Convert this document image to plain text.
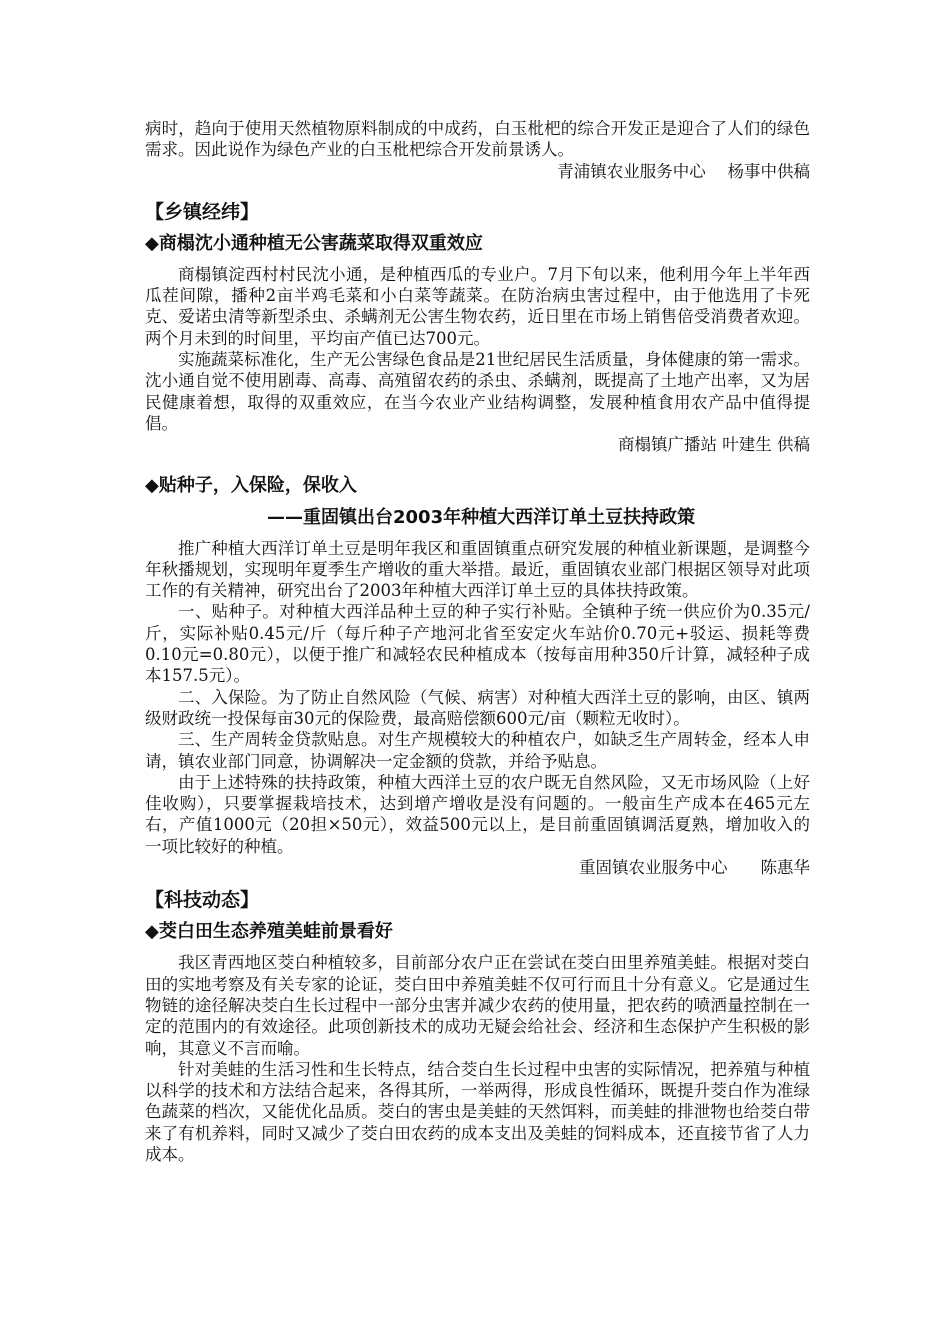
病时，趋向于使用天然植物原料制成的中成药，白玉枇杷的综合开发正是迎合了人们的绿色需求。因此说作为绿色产业的白玉枇杷综合开发前景诱人。

青浦镇农业服务中心　 杨事中供稿

【乡镇经纬】
◆商榻沈小通种植无公害蔬菜取得双重效应

商榻镇淀西村村民沈小通，是种植西瓜的专业户。7月下旬以来，他利用今年上半年西瓜茬间隙，播种2亩半鸡毛菜和小白菜等蔬菜。在防治病虫害过程中，由于他选用了卡死克、爱诺虫清等新型杀虫、杀螨剂无公害生物农药，近日里在市场上销售倍受消费者欢迎。两个月未到的时间里，平均亩产值已达700元。

实施蔬菜标准化，生产无公害绿色食品是21世纪居民生活质量，身体健康的第一需求。沈小通自觉不使用剧毒、高毒、高殖留农药的杀虫、杀螨剂，既提高了土地产出率，又为居民健康着想，取得的双重效应，在当今农业产业结构调整，发展种植食用农产品中值得提倡。

商榻镇广播站 叶建生 供稿

◆贴种子，入保险，保收入
——重固镇出台2003年种植大西洋订单土豆扶持政策

推广种植大西洋订单土豆是明年我区和重固镇重点研究发展的种植业新课题，是调整今年秋播规划，实现明年夏季生产增收的重大举措。最近，重固镇农业部门根据区领导对此项工作的有关精神，研究出台了2003年种植大西洋订单土豆的具体扶持政策。

一、贴种子。对种植大西洋品种土豆的种子实行补贴。全镇种子统一供应价为0.35元/斤，实际补贴0.45元/斤（每斤种子产地河北省至安定火车站价0.70元+驳运、损耗等费0.10元=0.80元），以便于推广和减轻农民种植成本（按每亩用种350斤计算，减轻种子成本157.5元）。

二、入保险。为了防止自然风险（气候、病害）对种植大西洋土豆的影响，由区、镇两级财政统一投保每亩30元的保险费，最高赔偿额600元/亩（颗粒无收时）。

三、生产周转金贷款贴息。对生产规模较大的种植农户，如缺乏生产周转金，经本人申请，镇农业部门同意，协调解决一定金额的贷款，并给予贴息。

由于上述特殊的扶持政策，种植大西洋土豆的农户既无自然风险，又无市场风险（上好佳收购），只要掌握栽培技术，达到增产增收是没有问题的。一般亩生产成本在465元左右，产值1000元（20担×50元），效益500元以上，是目前重固镇调活夏熟，增加收入的一项比较好的种植。

重固镇农业服务中心　　陈惠华

【科技动态】
◆茭白田生态养殖美蛙前景看好

我区青西地区茭白种植较多，目前部分农户正在尝试在茭白田里养殖美蛙。根据对茭白田的实地考察及有关专家的论证，茭白田中养殖美蛙不仅可行而且十分有意义。它是通过生物链的途径解决茭白生长过程中一部分虫害并减少农药的使用量，把农药的喷洒量控制在一定的范围内的有效途径。此项创新技术的成功无疑会给社会、经济和生态保护产生积极的影响，其意义不言而喻。

针对美蛙的生活习性和生长特点，结合茭白生长过程中虫害的实际情况，把养殖与种植以科学的技术和方法结合起来，各得其所，一举两得，形成良性循环，既提升茭白作为准绿色蔬菜的档次，又能优化品质。茭白的害虫是美蛙的天然饵料，而美蛙的排泄物也给茭白带来了有机养料，同时又减少了茭白田农药的成本支出及美蛙的饲料成本，还直接节省了人力成本。
